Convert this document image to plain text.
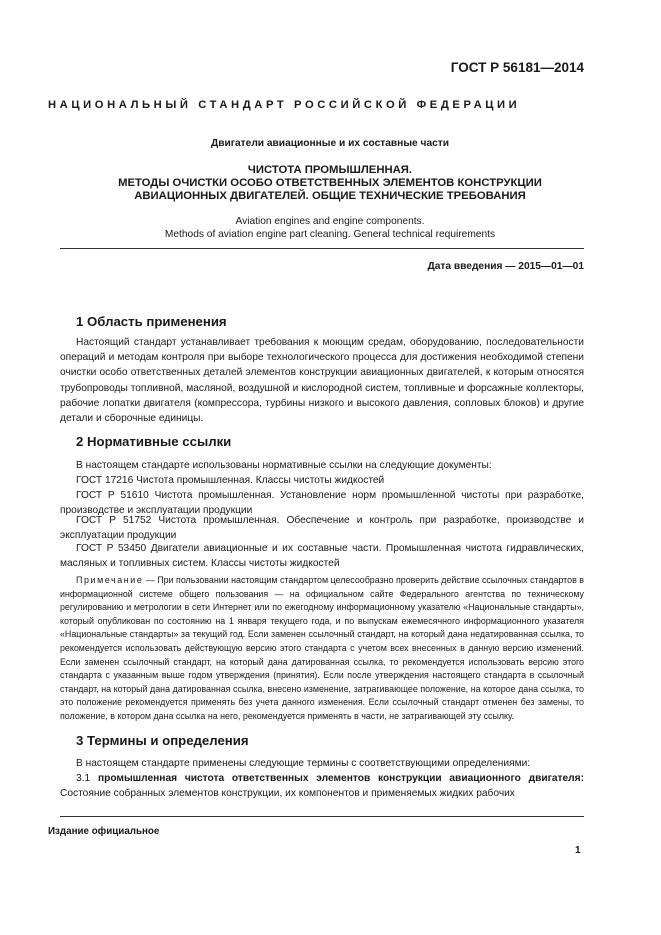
ГОСТ Р 56181—2014
НАЦИОНАЛЬНЫЙ СТАНДАРТ РОССИЙСКОЙ ФЕДЕРАЦИИ
Двигатели авиационные и их составные части
ЧИСТОТА ПРОМЫШЛЕННАЯ.
МЕТОДЫ ОЧИСТКИ ОСОБО ОТВЕТСТВЕННЫХ ЭЛЕМЕНТОВ КОНСТРУКЦИИ
АВИАЦИОННЫХ ДВИГАТЕЛЕЙ. ОБЩИЕ ТЕХНИЧЕСКИЕ ТРЕБОВАНИЯ
Aviation engines and engine components.
Methods of aviation engine part cleaning. General technical requirements
Дата введения — 2015—01—01
1 Область применения
Настоящий стандарт устанавливает требования к моющим средам, оборудованию, последовательности операций и методам контроля при выборе технологического процесса для достижения необходимой степени очистки особо ответственных деталей элементов конструкции авиационных двигателей, к которым относятся трубопроводы топливной, масляной, воздушной и кислородной систем, топливные и форсажные коллекторы, рабочие лопатки двигателя (компрессора, турбины низкого и высокого давления, сопловых блоков) и другие детали и сборочные единицы.
2 Нормативные ссылки
В настоящем стандарте использованы нормативные ссылки на следующие документы:
ГОСТ 17216 Чистота промышленная. Классы чистоты жидкостей
ГОСТ Р 51610 Чистота промышленная. Установление норм промышленной чистоты при разработке, производстве и эксплуатации продукции
ГОСТ Р 51752 Чистота промышленная. Обеспечение и контроль при разработке, производстве и эксплуатации продукции
ГОСТ Р 53450 Двигатели авиационные и их составные части. Промышленная чистота гидравлических, масляных и топливных систем. Классы чистоты жидкостей
Примечание — При пользовании настоящим стандартом целесообразно проверить действие ссылочных стандартов в информационной системе общего пользования — на официальном сайте Федерального агентства по техническому регулированию и метрологии в сети Интернет или по ежегодному информационному указателю «Национальные стандарты», который опубликован по состоянию на 1 января текущего года, и по выпускам ежемесячного информационного указателя «Национальные стандарты» за текущий год. Если заменен ссылочный стандарт, на который дана недатированная ссылка, то рекомендуется использовать действующую версию этого стандарта с учетом всех внесенных в данную версию изменений. Если заменен ссылочный стандарт, на который дана датированная ссылка, то рекомендуется использовать версию этого стандарта с указанным выше годом утверждения (принятия). Если после утверждения настоящего стандарта в ссылочный стандарт, на который дана датированная ссылка, внесено изменение, затрагивающее положение, на которое дана ссылка, то это положение рекомендуется применять без учета данного изменения. Если ссылочный стандарт отменен без замены, то положение, в котором дана ссылка на него, рекомендуется применять в части, не затрагивающей эту ссылку.
3 Термины и определения
В настоящем стандарте применены следующие термины с соответствующими определениями:
3.1 промышленная чистота ответственных элементов конструкции авиационного двигателя: Состояние собранных элементов конструкции, их компонентов и применяемых жидких рабочих
Издание официальное
1
